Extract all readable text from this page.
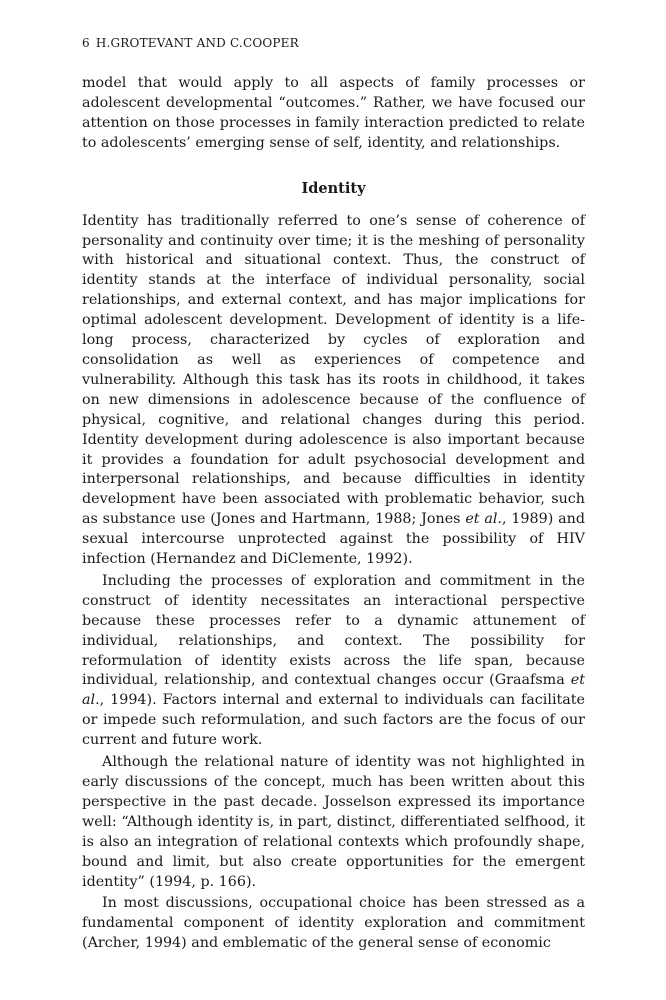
6 H.GROTEVANT AND C.COOPER

model that would apply to all aspects of family processes or adolescent developmental “outcomes.” Rather, we have focused our attention on those processes in family interaction predicted to relate to adolescents’ emerging sense of self, identity, and relationships.

Identity

Identity has traditionally referred to one’s sense of coherence of personality and continuity over time; it is the meshing of personality with historical and situational context. Thus, the construct of identity stands at the interface of individual personality, social relationships, and external context, and has major implications for optimal adolescent development. Development of identity is a life-long process, characterized by cycles of exploration and consolidation as well as experiences of competence and vulnerability. Although this task has its roots in childhood, it takes on new dimensions in adolescence because of the confluence of physical, cognitive, and relational changes during this period. Identity development during adolescence is also important because it provides a foundation for adult psychosocial development and interpersonal relationships, and because difficulties in identity development have been associated with problematic behavior, such as substance use (Jones and Hartmann, 1988; Jones et al., 1989) and sexual intercourse unprotected against the possibility of HIV infection (Hernandez and DiClemente, 1992).

Including the processes of exploration and commitment in the construct of identity necessitates an interactional perspective because these processes refer to a dynamic attunement of individual, relationships, and context. The possibility for reformulation of identity exists across the life span, because individual, relationship, and contextual changes occur (Graafsma et al., 1994). Factors internal and external to individuals can facilitate or impede such reformulation, and such factors are the focus of our current and future work.

Although the relational nature of identity was not highlighted in early discussions of the concept, much has been written about this perspective in the past decade. Josselson expressed its importance well: “Although identity is, in part, distinct, differentiated selfhood, it is also an integration of relational contexts which profoundly shape, bound and limit, but also create opportunities for the emergent identity” (1994, p. 166).

In most discussions, occupational choice has been stressed as a fundamental component of identity exploration and commitment (Archer, 1994) and emblematic of the general sense of economic
